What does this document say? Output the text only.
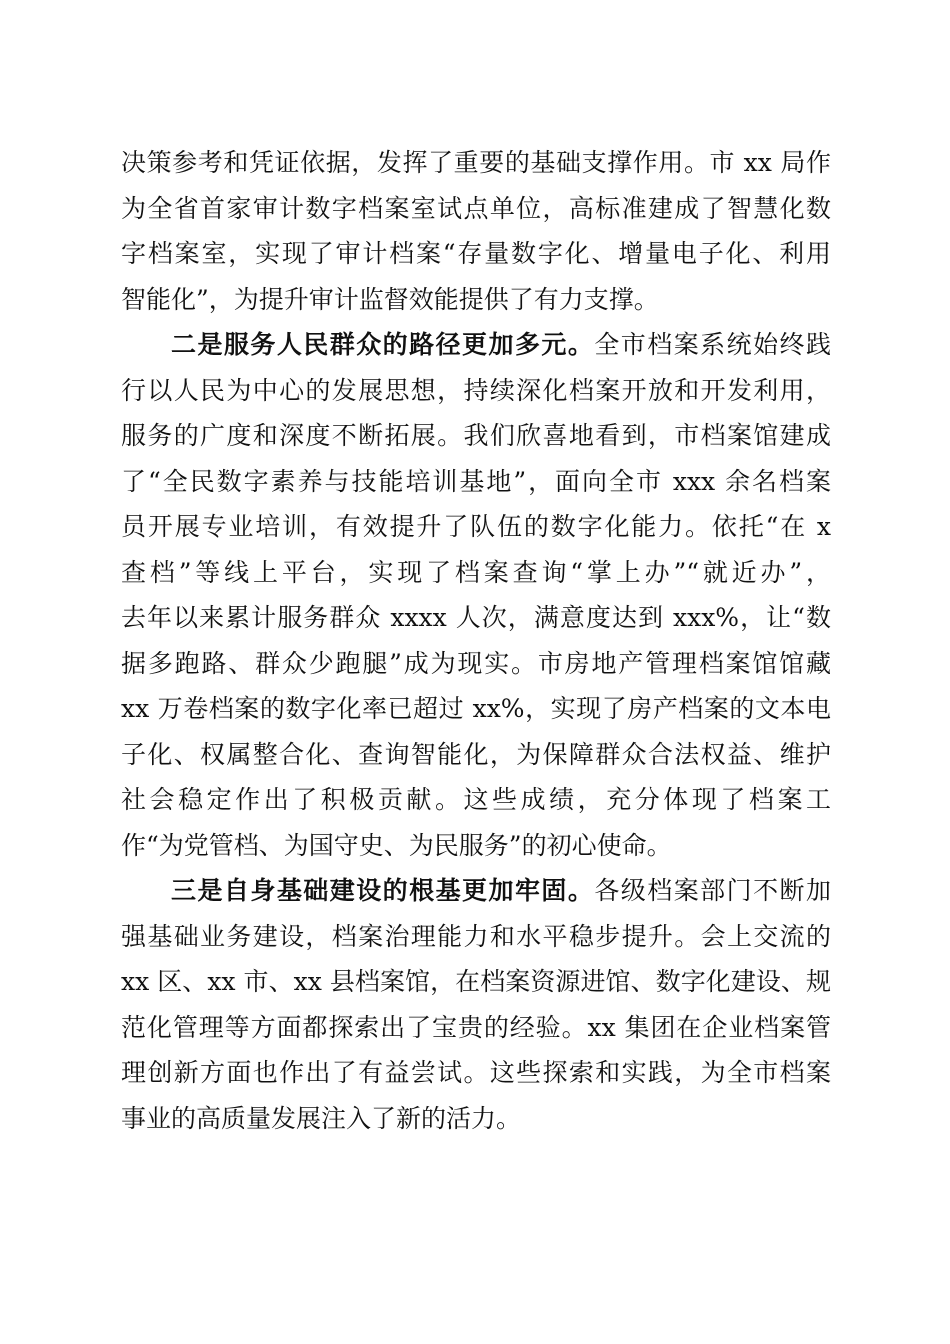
决策参考和凭证依据，发挥了重要的基础支撑作用。市 xx 局作
为全省首家审计数字档案室试点单位，高标准建成了智慧化数
字档案室，实现了审计档案“存量数字化、增量电子化、利用
智能化”，为提升审计监督效能提供了有力支撑。
二是服务人民群众的路径更加多元。全市档案系统始终践
行以人民为中心的发展思想，持续深化档案开放和开发利用，
服务的广度和深度不断拓展。我们欣喜地看到，市档案馆建成
了“全民数字素养与技能培训基地”，面向全市 xxx 余名档案
员开展专业培训，有效提升了队伍的数字化能力。依托“在 x
查档”等线上平台，实现了档案查询“掌上办”“就近办”，
去年以来累计服务群众 xxxx 人次，满意度达到 xxx%，让“数
据多跑路、群众少跑腿”成为现实。市房地产管理档案馆馆藏
xx 万卷档案的数字化率已超过 xx%，实现了房产档案的文本电
子化、权属整合化、查询智能化，为保障群众合法权益、维护
社会稳定作出了积极贡献。这些成绩，充分体现了档案工
作“为党管档、为国守史、为民服务”的初心使命。
三是自身基础建设的根基更加牢固。各级档案部门不断加
强基础业务建设，档案治理能力和水平稳步提升。会上交流的
xx 区、xx 市、xx 县档案馆，在档案资源进馆、数字化建设、规
范化管理等方面都探索出了宝贵的经验。xx 集团在企业档案管
理创新方面也作出了有益尝试。这些探索和实践，为全市档案
事业的高质量发展注入了新的活力。
